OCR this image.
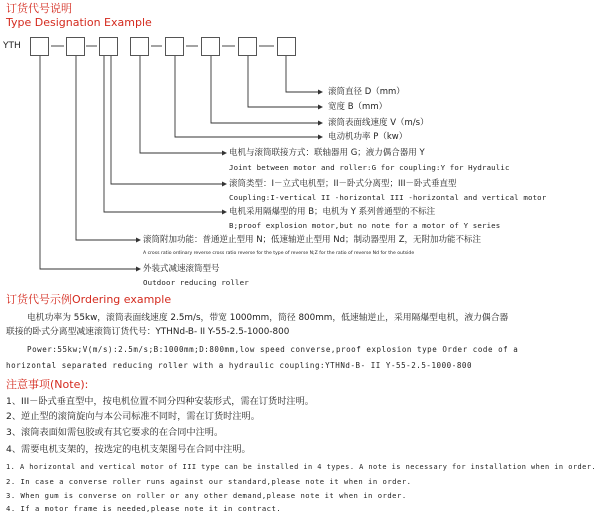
订货代号说明
Type Designation Example
YTH
滚筒直径 D（mm）
宽度 B（mm）
滚筒表面线速度 V（m/s）
电动机功率 P（kw）
电机与滚筒联接方式：联轴器用 G；液力偶合器用 Y
Joint between motor and roller:G for coupling:Y for Hydraulic
滚筒类型：I－立式电机型；II－卧式分离型；III－卧式垂直型
Coupling:I-vertical II -horizontal III -horizontal and vertical motor
电机采用隔爆型的用 B；电机为 Y 系列普通型的不标注
B;proof explosion motor,but no note for a motor of Y series
滚筒附加功能：普通逆止型用 N；低速轴逆止型用 Nd；制动器型用 Z，无附加功能不标注
A cross ratio ordinary reverse cross ratio reverse for the type of reverse N;Z for the ratio of reverse Nd for the outside
外装式减速滚筒型号
Outdoor reducing roller
订货代号示例Ordering example
电机功率为 55kw，滚筒表面线速度 2.5m/s，带宽 1000mm，筒径 800mm，低速轴逆止，采用隔爆型电机，液力偶合器
联接的卧式分离型减速滚筒订货代号：YTHNd-B- II Y-55-2.5-1000-800
Power:55kw;V(m/s):2.5m/s;B:1000mm;D:800mm,low speed converse,proof explosion type Order code of a
horizontal separated reducing roller with a hydraulic coupling:YTHNd-B- II Y-55-2.5-1000-800
注意事项(Note):
1、III－卧式垂直型中，按电机位置不同分四种安装形式，需在订货时注明。
2、逆止型的滚筒旋向与本公司标准不同时，需在订货时注明。
3、滚筒表面如需包胶或有其它要求的在合同中注明。
4、需要电机支架的，按选定的电机支架图号在合同中注明。
1. A horizontal and vertical motor of III type can be installed in 4 types. A note is necessary for installation when in order.
2. In case a converse roller runs against our standard,please note it when in order.
3. When gum is converse on roller or any other demand,please note it when in order.
4. If a motor frame is needed,please note it in contract.
